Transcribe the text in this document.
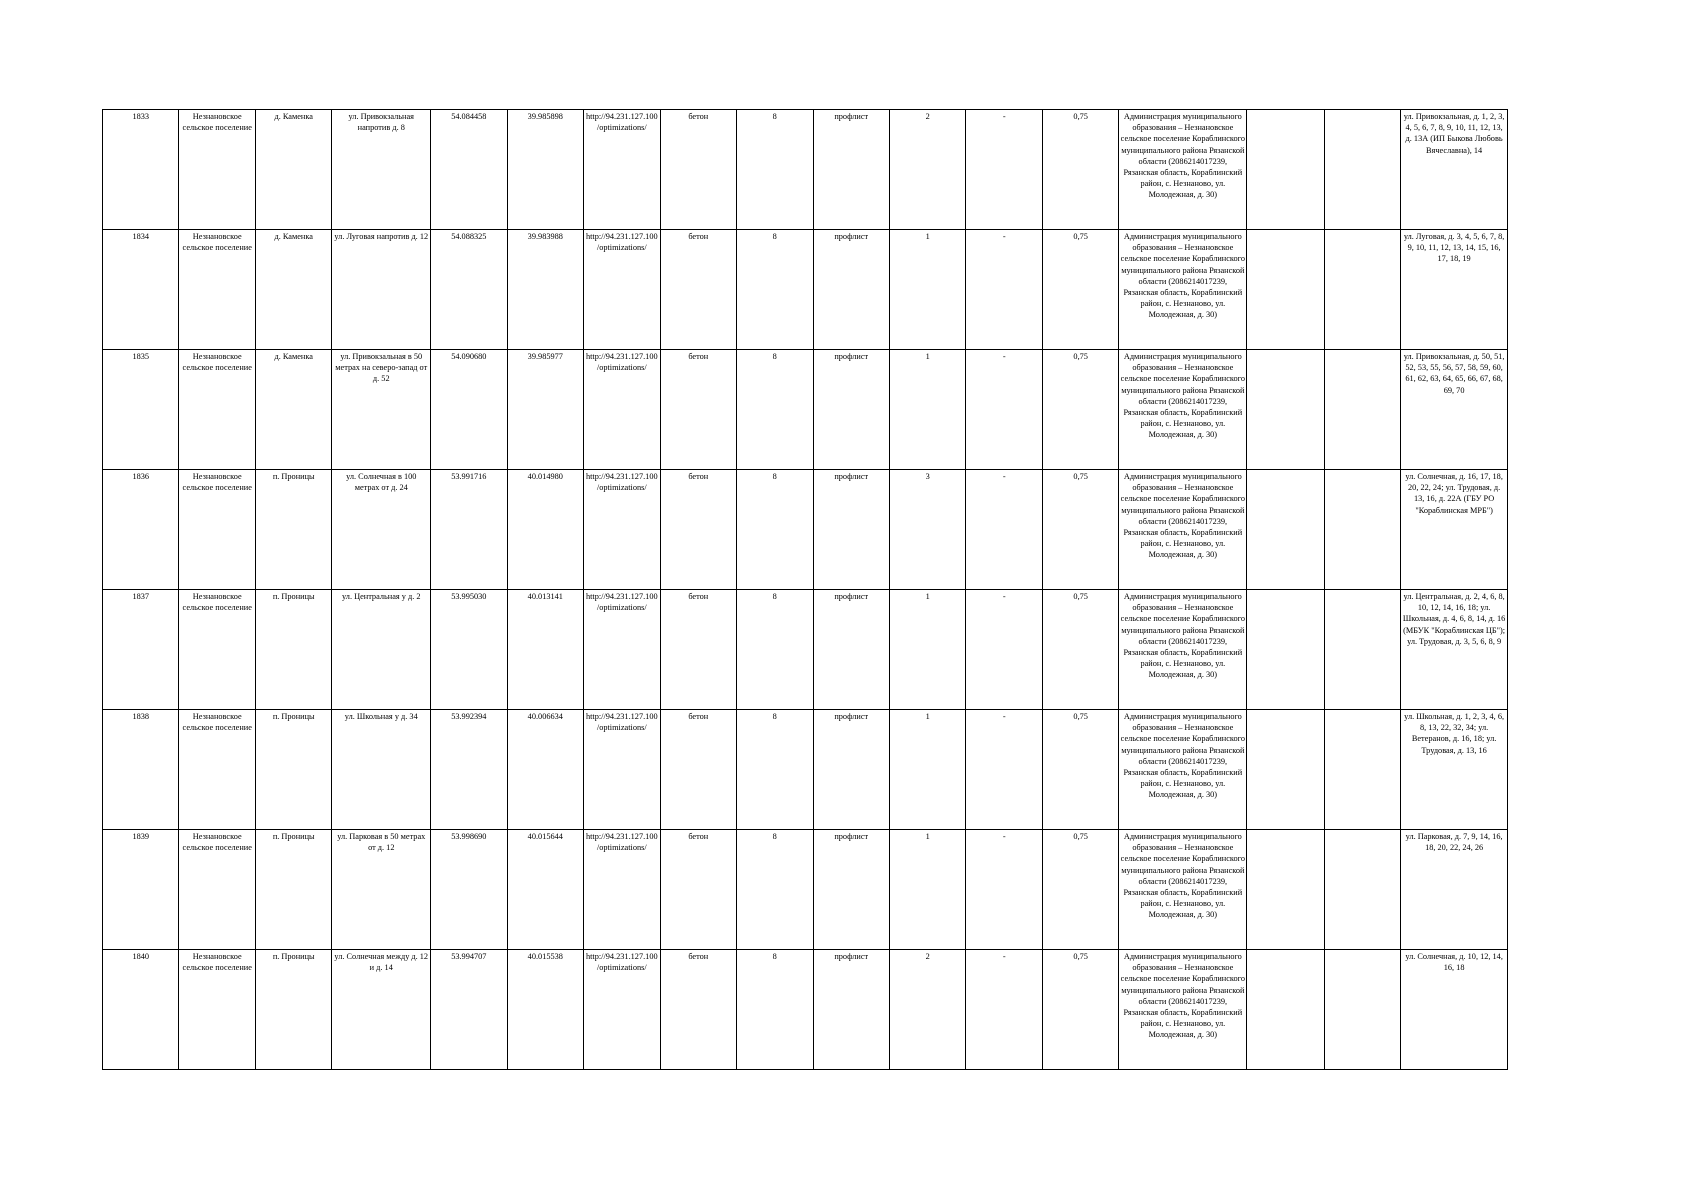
1833	Незнановское сельское поселение	д. Каменка	ул. Привокзальная напротив д. 8	54.084458	39.985898	http://94.231.127.100/optimizations/	бетон	8	профлист	2	-	0,75	Администрация муниципального образования – Незнановское сельское поселение Кораблинского муниципального района Рязанской области (2086214017239, Рязанская область, Кораблинский район, с. Незнаново, ул. Молодежная, д. 30)			ул. Привокзальная, д. 1, 2, 3, 4, 5, 6, 7, 8, 9, 10, 11, 12, 13, д. 13А (ИП Быкова Любовь Вячеславна), 14
1834	Незнановское сельское поселение	д. Каменка	ул. Луговая напротив д. 12	54.088325	39.983988	http://94.231.127.100/optimizations/	бетон	8	профлист	1	-	0,75	Администрация муниципального образования – Незнановское сельское поселение Кораблинского муниципального района Рязанской области (2086214017239, Рязанская область, Кораблинский район, с. Незнаново, ул. Молодежная, д. 30)			ул. Луговая, д. 3, 4, 5, 6, 7, 8, 9, 10, 11, 12, 13, 14, 15, 16, 17, 18, 19
1835	Незнановское сельское поселение	д. Каменка	ул. Привокзальная в 50 метрах на северо-запад от д. 52	54.090680	39.985977	http://94.231.127.100/optimizations/	бетон	8	профлист	1	-	0,75	Администрация муниципального образования – Незнановское сельское поселение Кораблинского муниципального района Рязанской области (2086214017239, Рязанская область, Кораблинский район, с. Незнаново, ул. Молодежная, д. 30)			ул. Привокзальная, д. 50, 51, 52, 53, 55, 56, 57, 58, 59, 60, 61, 62, 63, 64, 65, 66, 67, 68, 69, 70
1836	Незнановское сельское поселение	п. Проницы	ул. Солнечная в 100 метрах от д. 24	53.991716	40.014980	http://94.231.127.100/optimizations/	бетон	8	профлист	3	-	0,75	Администрация муниципального образования – Незнановское сельское поселение Кораблинского муниципального района Рязанской области (2086214017239, Рязанская область, Кораблинский район, с. Незнаново, ул. Молодежная, д. 30)			ул. Солнечная, д. 16, 17, 18, 20, 22, 24; ул. Трудовая, д. 13, 16, д. 22А (ГБУ РО "Кораблинская МРБ")
1837	Незнановское сельское поселение	п. Проницы	ул. Центральная у д. 2	53.995030	40.013141	http://94.231.127.100/optimizations/	бетон	8	профлист	1	-	0,75	Администрация муниципального образования – Незнановское сельское поселение Кораблинского муниципального района Рязанской области (2086214017239, Рязанская область, Кораблинский район, с. Незнаново, ул. Молодежная, д. 30)			ул. Центральная, д. 2, 4, 6, 8, 10, 12, 14, 16, 18; ул. Школьная, д. 4, 6, 8, 14, д. 16 (МБУК "Кораблинская ЦБ"); ул. Трудовая, д. 3, 5, 6, 8, 9
1838	Незнановское сельское поселение	п. Проницы	ул. Школьная у д. 34	53.992394	40.006634	http://94.231.127.100/optimizations/	бетон	8	профлист	1	-	0,75	Администрация муниципального образования – Незнановское сельское поселение Кораблинского муниципального района Рязанской области (2086214017239, Рязанская область, Кораблинский район, с. Незнаново, ул. Молодежная, д. 30)			ул. Школьная, д. 1, 2, 3, 4, 6, 8, 13, 22, 32, 34; ул. Ветеранов, д. 16, 18; ул. Трудовая, д. 13, 16
1839	Незнановское сельское поселение	п. Проницы	ул. Парковая в 50 метрах от д. 12	53.998690	40.015644	http://94.231.127.100/optimizations/	бетон	8	профлист	1	-	0,75	Администрация муниципального образования – Незнановское сельское поселение Кораблинского муниципального района Рязанской области (2086214017239, Рязанская область, Кораблинский район, с. Незнаново, ул. Молодежная, д. 30)			ул. Парковая, д. 7, 9, 14, 16, 18, 20, 22, 24, 26
1840	Незнановское сельское поселение	п. Проницы	ул. Солнечная между д. 12 и д. 14	53.994707	40.015538	http://94.231.127.100/optimizations/	бетон	8	профлист	2	-	0,75	Администрация муниципального образования – Незнановское сельское поселение Кораблинского муниципального района Рязанской области (2086214017239, Рязанская область, Кораблинский район, с. Незнаново, ул. Молодежная, д. 30)			ул. Солнечная, д. 10, 12, 14, 16, 18
